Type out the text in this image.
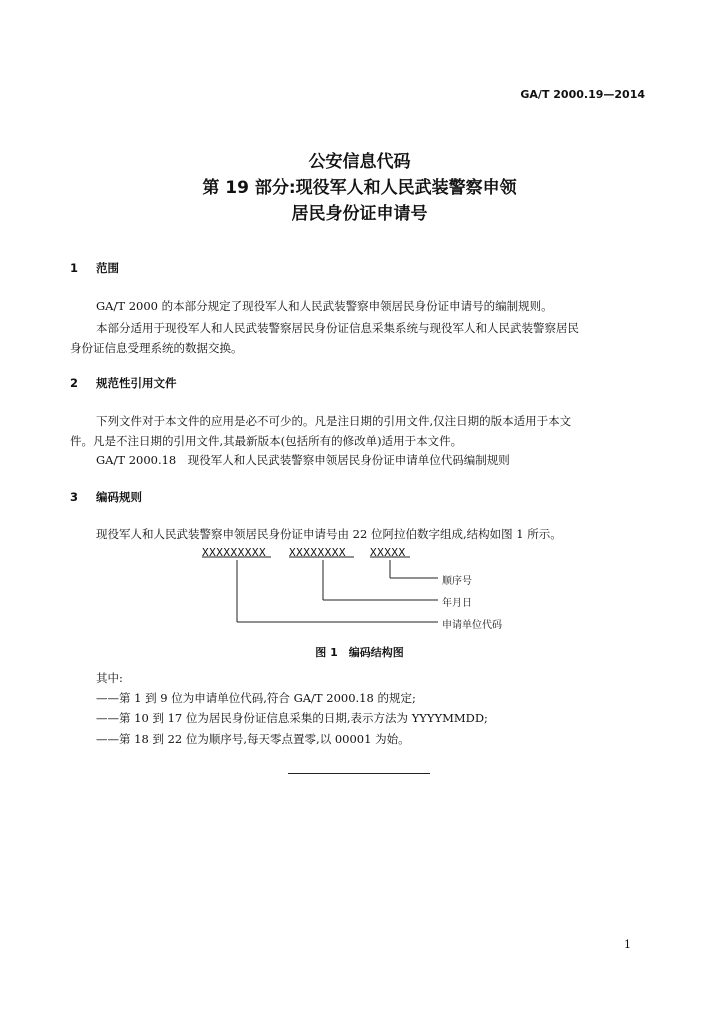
GA/T 2000.19—2014
公安信息代码
第 19 部分:现役军人和人民武装警察申领
居民身份证申请号
1 范围
GA/T 2000 的本部分规定了现役军人和人民武装警察申领居民身份证申请号的编制规则。
本部分适用于现役军人和人民武装警察居民身份证信息采集系统与现役军人和人民武装警察居民
身份证信息受理系统的数据交换。
2 规范性引用文件
下列文件对于本文件的应用是必不可少的。凡是注日期的引用文件,仅注日期的版本适用于本文
件。凡是不注日期的引用文件,其最新版本(包括所有的修改单)适用于本文件。
GA/T 2000.18　现役军人和人民武装警察申领居民身份证申请单位代码编制规则
3 编码规则
现役军人和人民武装警察申领居民身份证申请号由 22 位阿拉伯数字组成,结构如图 1 所示。
XXXXXXXXX XXXXXXXX XXXXX
顺序号
年月日
申请单位代码
图 1　编码结构图
其中:
——第 1 到 9 位为申请单位代码,符合 GA/T 2000.18 的规定;
——第 10 到 17 位为居民身份证信息采集的日期,表示方法为 YYYYMMDD;
——第 18 到 22 位为顺序号,每天零点置零,以 00001 为始。
1
